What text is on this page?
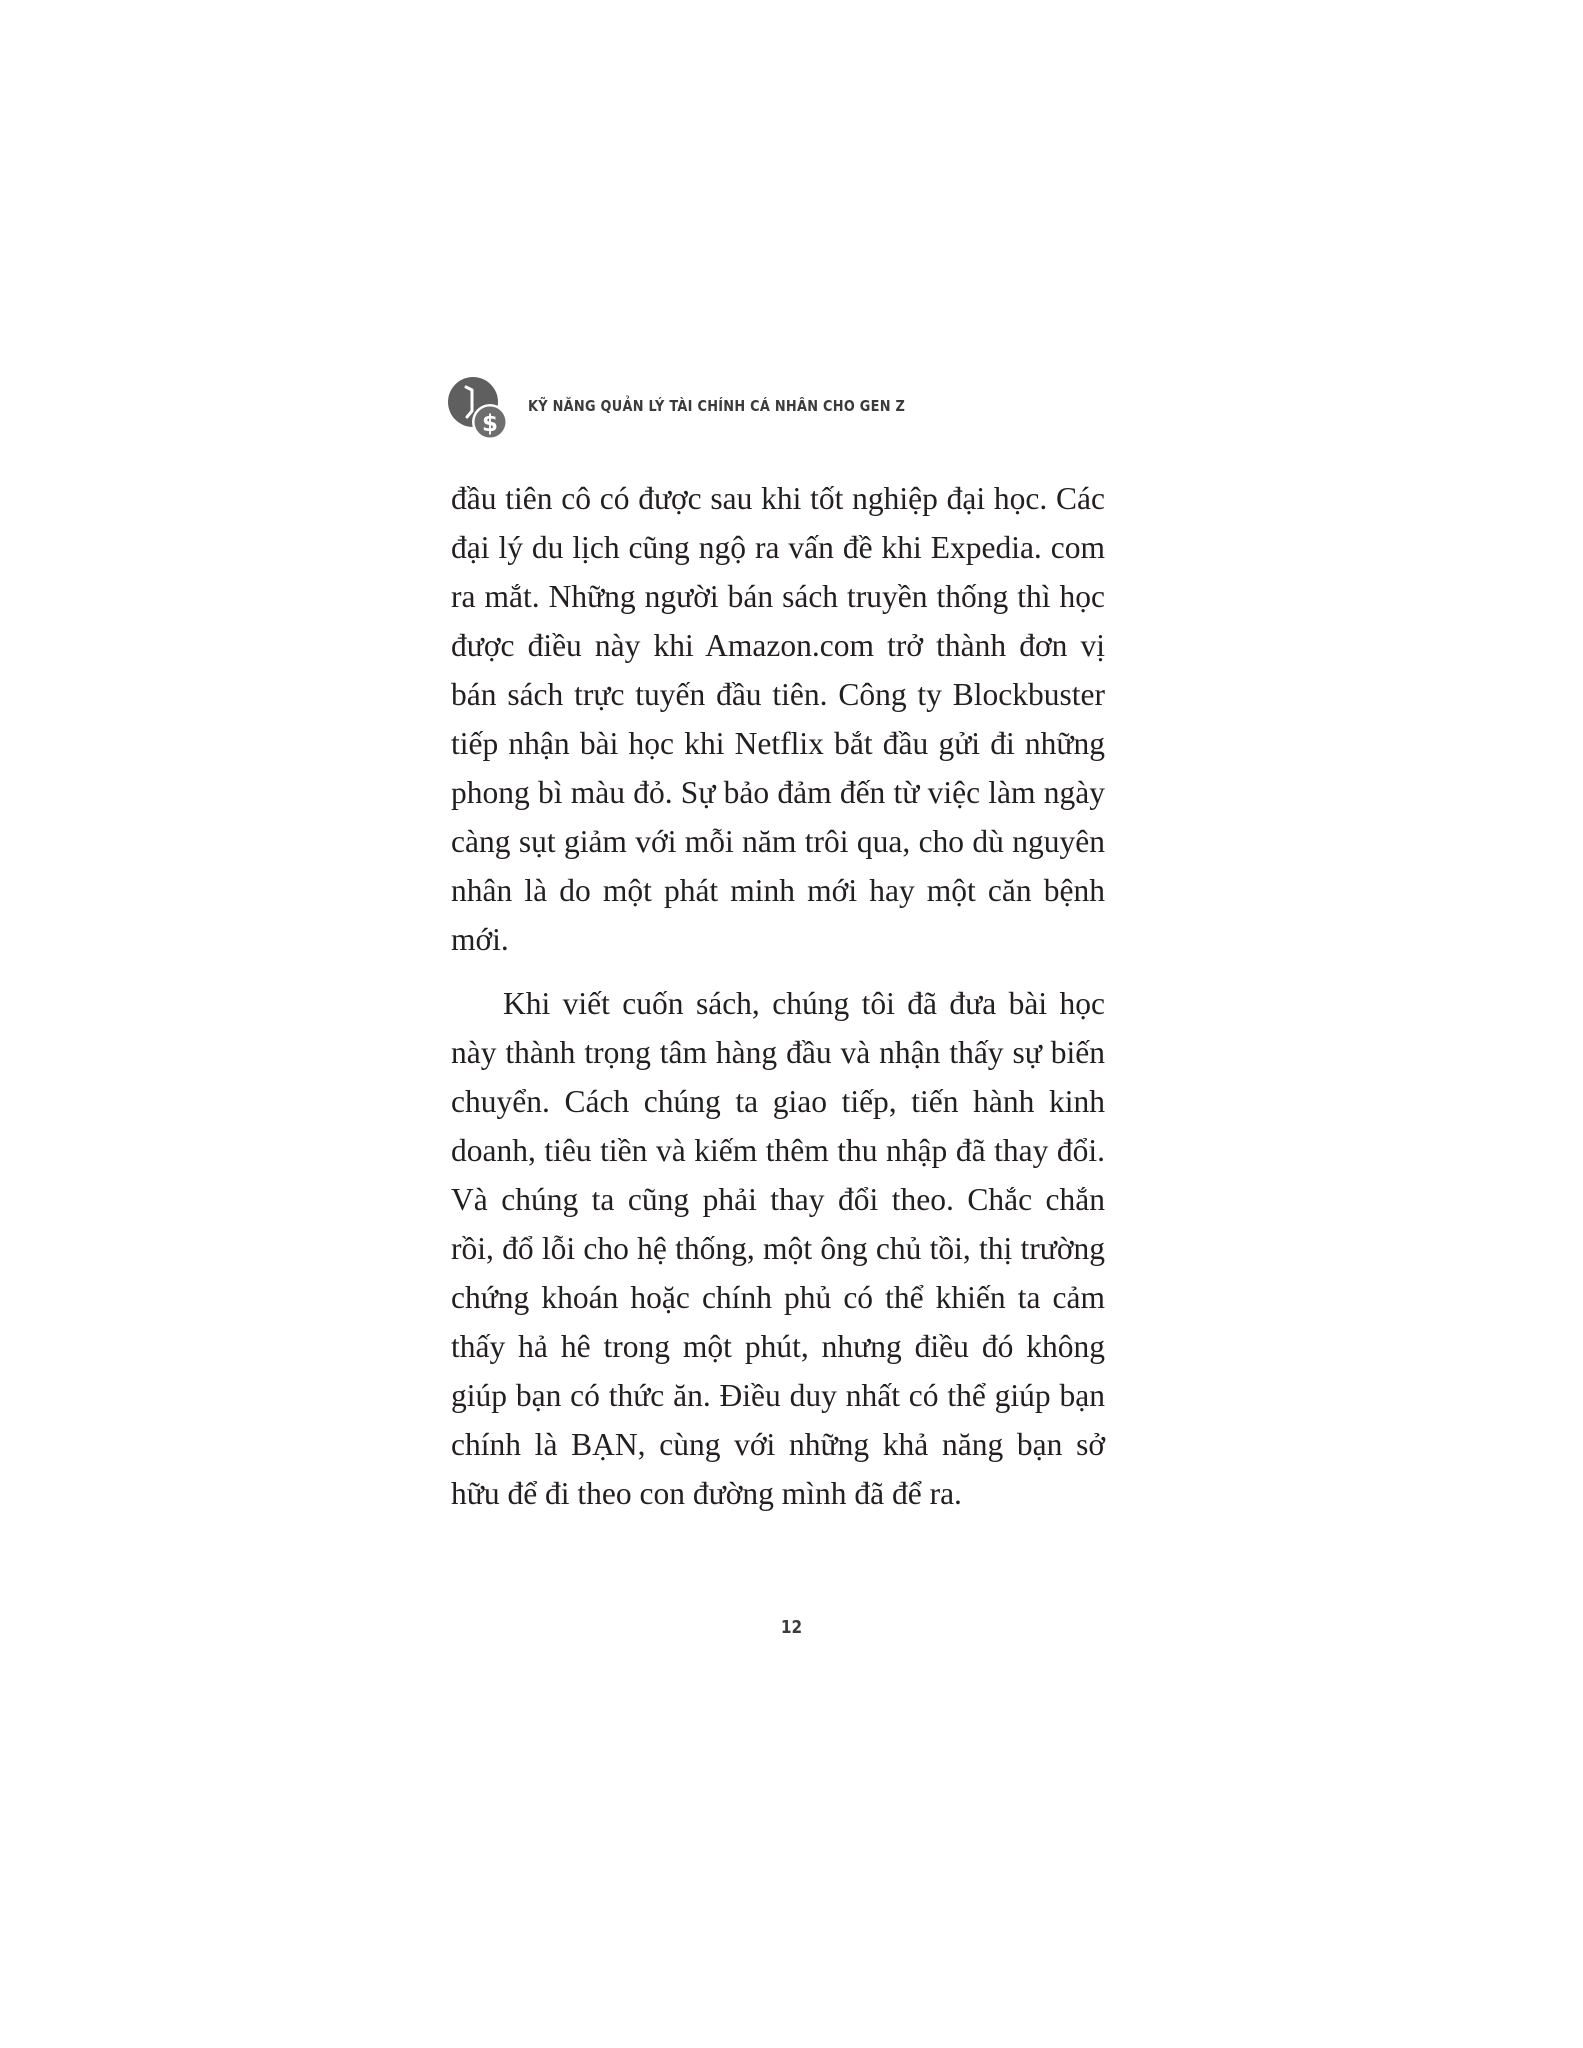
$
KỸ NĂNG QUẢN LÝ TÀI CHÍNH CÁ NHÂN CHO GEN Z

đầu tiên cô có được sau khi tốt nghiệp đại học. Các đại lý du lịch cũng ngộ ra vấn đề khi Expedia. com ra mắt. Những người bán sách truyền thống thì học được điều này khi Amazon.com trở thành đơn vị bán sách trực tuyến đầu tiên. Công ty Blockbuster tiếp nhận bài học khi Netflix bắt đầu gửi đi những phong bì màu đỏ. Sự bảo đảm đến từ việc làm ngày càng sụt giảm với mỗi năm trôi qua, cho dù nguyên nhân là do một phát minh mới hay một căn bệnh mới.

Khi viết cuốn sách, chúng tôi đã đưa bài học này thành trọng tâm hàng đầu và nhận thấy sự biến chuyển. Cách chúng ta giao tiếp, tiến hành kinh doanh, tiêu tiền và kiếm thêm thu nhập đã thay đổi. Và chúng ta cũng phải thay đổi theo. Chắc chắn rồi, đổ lỗi cho hệ thống, một ông chủ tồi, thị trường chứng khoán hoặc chính phủ có thể khiến ta cảm thấy hả hê trong một phút, nhưng điều đó không giúp bạn có thức ăn. Điều duy nhất có thể giúp bạn chính là BẠN, cùng với những khả năng bạn sở hữu để đi theo con đường mình đã để ra.

12
